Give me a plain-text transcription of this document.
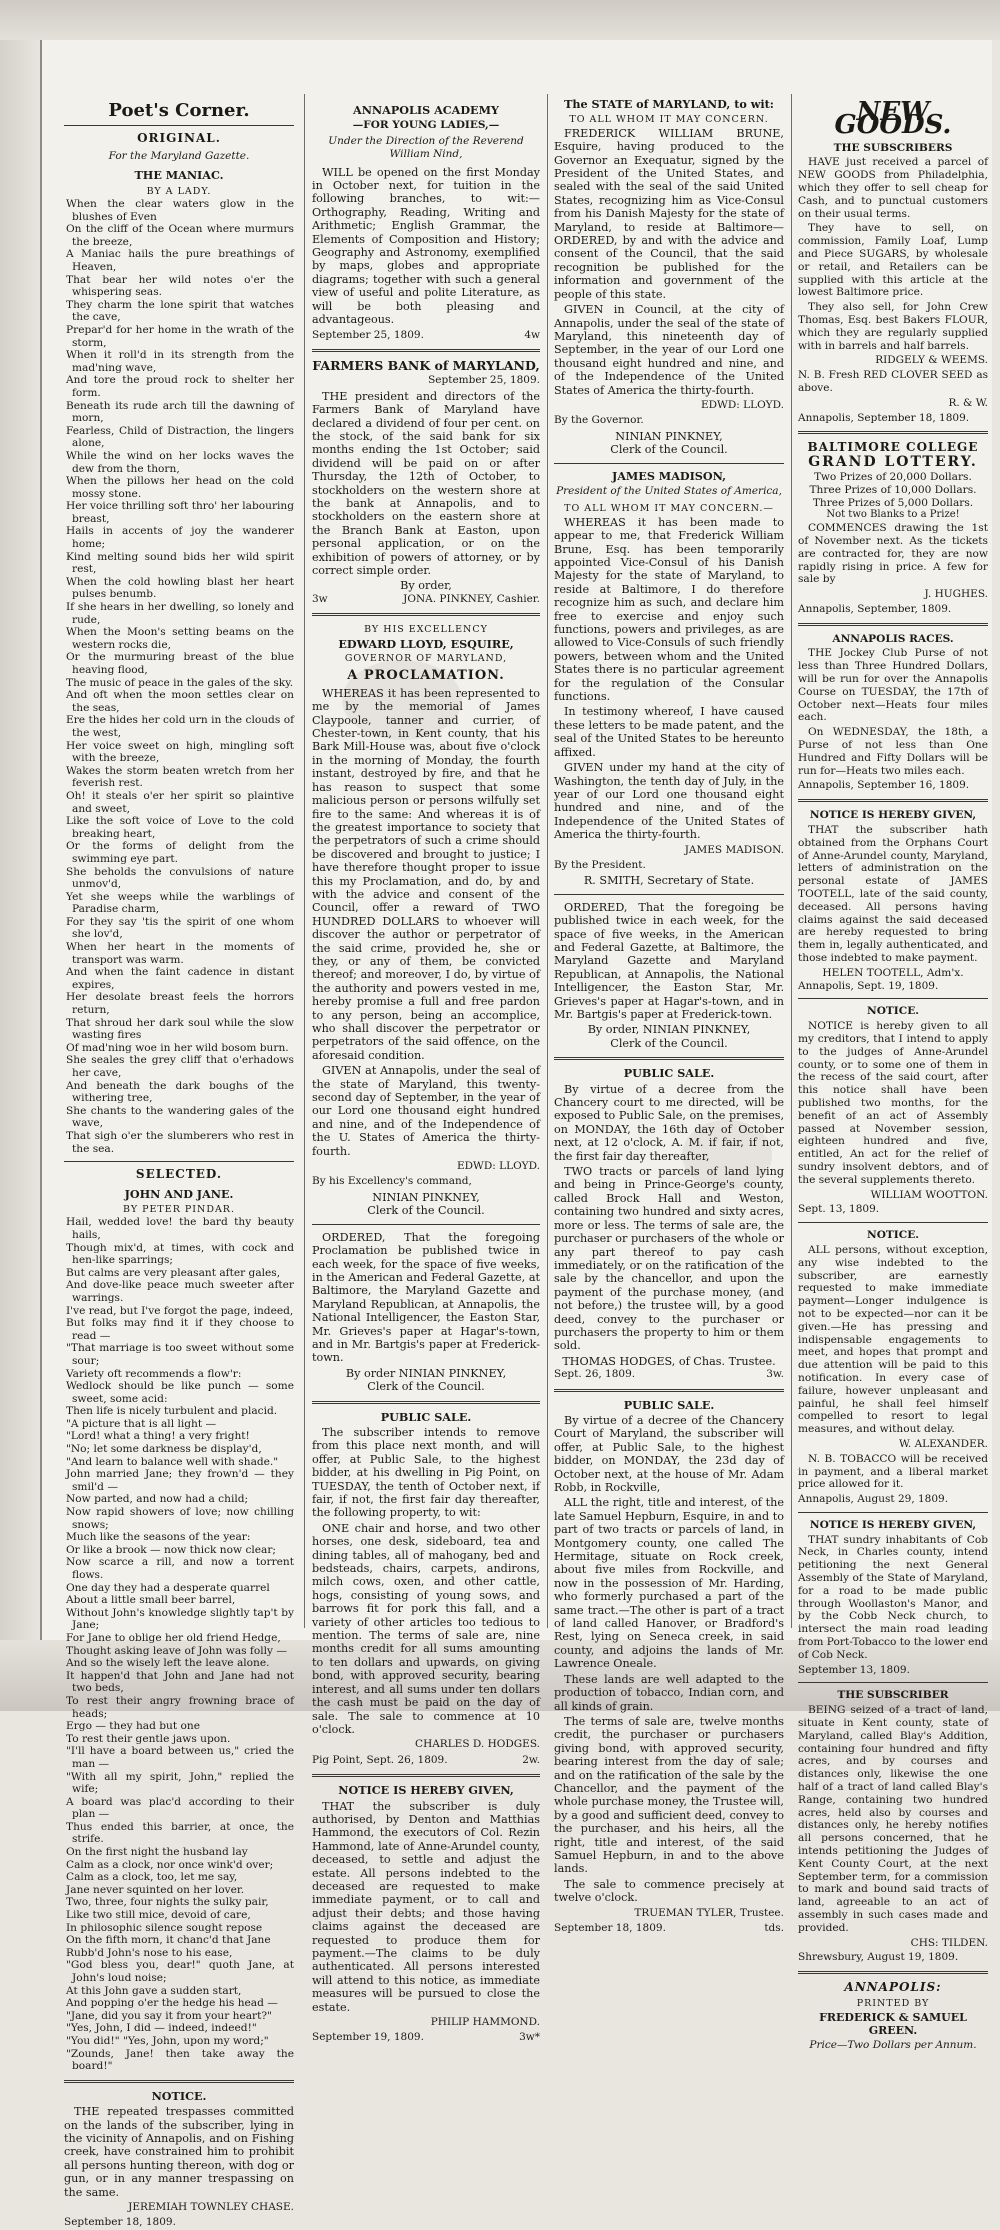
Poet's Corner.
ORIGINAL.
For the Maryland Gazette.
THE MANIAC.
BY A LADY.
When the clear waters glow in the blushes of Even
On the cliff of the Ocean where murmurs the breeze,
A Maniac hails the pure breathings of Heaven,
That bear her wild notes o'er the whispering seas.
They charm the lone spirit that watches the cave,
Prepar'd for her home in the wrath of the storm,
When it roll'd in its strength from the mad'ning wave,
And tore the proud rock to shelter her form.
Beneath its rude arch till the dawning of morn,
Fearless, Child of Distraction, the lingers alone,
While the wind on her locks waves the dew from the thorn,
When the pillows her head on the cold mossy stone.
Her voice thrilling soft thro' her labouring breast,
Hails in accents of joy the wanderer home;
Kind melting sound bids her wild spirit rest,
When the cold howling blast her heart pulses benumb.
If she hears in her dwelling, so lonely and rude,
When the Moon's setting beams on the western rocks die,
Or the murmuring breast of the blue heaving flood,
The music of peace in the gales of the sky.
And oft when the moon settles clear on the seas,
Ere the hides her cold urn in the clouds of the west,
Her voice sweet on high, mingling soft with the breeze,
Wakes the storm beaten wretch from her feverish rest.
Oh! it steals o'er her spirit so plaintive and sweet,
Like the soft voice of Love to the cold breaking heart,
Or the forms of delight from the swimming eye part.
She beholds the convulsions of nature unmov'd,
Yet she weeps while the warblings of Paradise charm,
For they say 'tis the spirit of one whom she lov'd,
When her heart in the moments of transport was warm.
And when the faint cadence in distant expires,
Her desolate breast feels the horrors return,
That shroud her dark soul while the slow wasting fires
Of mad'ning woe in her wild bosom burn.
She seales the grey cliff that o'erhadows her cave,
And beneath the dark boughs of the withering tree,
She chants to the wandering gales of the wave,
That sigh o'er the slumberers who rest in the sea.
SELECTED.
JOHN AND JANE.
BY PETER PINDAR.
Hail, wedded love! the bard thy beauty hails,
Though mix'd, at times, with cock and hen-like sparrings;
But calms are very pleasant after gales,
And dove-like peace much sweeter after warrings.
I've read, but I've forgot the page, indeed,
But folks may find it if they choose to read —
"That marriage is too sweet without some sour;
Variety oft recommends a flow'r:
Wedlock should be like punch — some sweet, some acid:
Then life is nicely turbulent and placid.
"A picture that is all light —
"Lord! what a thing! a very fright!
"No; let some darkness be display'd,
"And learn to balance well with shade."
John married Jane; they frown'd — they smil'd —
Now parted, and now had a child;
Now rapid showers of love; now chilling snows;
Much like the seasons of the year:
Or like a brook — now thick now clear;
Now scarce a rill, and now a torrent flows.
One day they had a desperate quarrel
About a little small beer barrel,
Without John's knowledge slightly tap't by Jane;
For Jane to oblige her old friend Hedge,
Thought asking leave of John was folly —
And so the wisely left the leave alone.
It happen'd that John and Jane had not two beds,
To rest their angry frowning brace of heads;
Ergo — they had but one
To rest their gentle jaws upon.
"I'll have a board between us," cried the man —
"With all my spirit, John," replied the wife;
A board was plac'd according to their plan —
Thus ended this barrier, at once, the strife.
On the first night the husband lay
Calm as a clock, nor once wink'd over;
Calm as a clock, too, let me say,
Jane never squinted on her lover.
Two, three, four nights the sulky pair,
Like two still mice, devoid of care,
In philosophic silence sought repose
On the fifth morn, it chanc'd that Jane
Rubb'd John's nose to his ease,
"God bless you, dear!" quoth Jane, at John's loud noise;
At this John gave a sudden start,
And popping o'er the hedge his head —
"Jane, did you say it from your heart?"
"Yes, John, I did — indeed, indeed!"
"You did!" "Yes, John, upon my word;"
"Zounds, Jane! then take away the board!"
NOTICE.

THE repeated trespasses committed on the lands of the subscriber, lying in the vicinity of Annapolis, and on Fishing creek, have constrained him to prohibit all persons hunting thereon, with dog or gun, or in any manner trespassing on the same.

JEREMIAH TOWNLEY CHASE.
September 18, 1809.
ANNAPOLIS ACADEMY
—FOR YOUNG LADIES,—
Under the Direction of the Reverend William Nind,

WILL be opened on the first Monday in October next, for tuition in the following branches, to wit:— Orthography, Reading, Writing and Arithmetic; English Grammar, the Elements of Composition and History; Geography and Astronomy, exemplified by maps, globes and appropriate diagrams; together with such a general view of useful and polite Literature, as will be both pleasing and advantageous.

September 25, 1809.	4w
FARMERS BANK of MARYLAND,
September 25, 1809.

THE president and directors of the Farmers Bank of Maryland have declared a dividend of four per cent. on the stock, of the said bank for six months ending the 1st October; said dividend will be paid on or after Thursday, the 12th of October, to stockholders on the western shore at the bank at Annapolis, and to stockholders on the eastern shore at the Branch Bank at Easton, upon personal application, or on the exhibition of powers of attorney, or by correct simple order.

By order,
3w	JONA. PINKNEY, Cashier.
BY HIS EXCELLENCY
EDWARD LLOYD, ESQUIRE,
GOVERNOR OF MARYLAND,
A PROCLAMATION.

WHEREAS it has been represented to me by the memorial of James Claypoole, tanner and currier, of Chester-town, in Kent county, that his Bark Mill-House was, about five o'clock in the morning of Monday, the fourth instant, destroyed by fire, and that he has reason to suspect that some malicious person or persons wilfully set fire to the same: And whereas it is of the greatest importance to society that the perpetrators of such a crime should be discovered and brought to justice; I have therefore thought proper to issue this my Proclamation, and do, by and with the advice and consent of the Council, offer a reward of TWO HUNDRED DOLLARS to whoever will discover the author or perpetrator of the said crime, provided he, she or they, or any of them, be convicted thereof; and moreover, I do, by virtue of the authority and powers vested in me, hereby promise a full and free pardon to any person, being an accomplice, who shall discover the perpetrator or perpetrators of the said offence, on the aforesaid condition.

GIVEN at Annapolis, under the seal of the state of Maryland, this twenty-second day of September, in the year of our Lord one thousand eight hundred and nine, and of the Independence of the U. States of America the thirty-fourth.

EDWD: LLOYD.
By his Excellency's command,
NINIAN PINKNEY,
Clerk of the Council.

ORDERED, That the foregoing Proclamation be published twice in each week, for the space of five weeks, in the American and Federal Gazette, at Baltimore, the Maryland Gazette and Maryland Republican, at Annapolis, the National Intelligencer, the Easton Star, Mr. Grieves's paper at Hagar's-town, and in Mr. Bartgis's paper at Frederick-town.

By order NINIAN PINKNEY,
Clerk of the Council.
PUBLIC SALE.

The subscriber intends to remove from this place next month, and will offer, at Public Sale, to the highest bidder, at his dwelling in Pig Point, on TUESDAY, the tenth of October next, if fair, if not, the first fair day thereafter, the following property, to wit:

ONE chair and horse, and two other horses, one desk, sideboard, tea and dining tables, all of mahogany, bed and bedsteads, chairs, carpets, andirons, milch cows, oxen, and other cattle, hogs, consisting of young sows, and barrows fit for pork this fall, and a variety of other articles too tedious to mention. The terms of sale are, nine months credit for all sums amounting to ten dollars and upwards, on giving bond, with approved security, bearing interest, and all sums under ten dollars the cash must be paid on the day of sale. The sale to commence at 10 o'clock.

CHARLES D. HODGES.
Pig Point, Sept. 26, 1809.	2w.
NOTICE IS HEREBY GIVEN,

THAT the subscriber is duly authorised, by Denton and Matthias Hammond, the executors of Col. Rezin Hammond, late of Anne-Arundel county, deceased, to settle and adjust the estate. All persons indebted to the deceased are requested to make immediate payment, or to call and adjust their debts; and those having claims against the deceased are requested to produce them for payment.—The claims to be duly authenticated. All persons interested will attend to this notice, as immediate measures will be pursued to close the estate.

PHILIP HAMMOND.
September 19, 1809.	3w*
The STATE of MARYLAND, to wit:
TO ALL WHOM IT MAY CONCERN.

FREDERICK WILLIAM BRUNE, Esquire, having produced to the Governor an Exequatur, signed by the President of the United States, and sealed with the seal of the said United States, recognizing him as Vice-Consul from his Danish Majesty for the state of Maryland, to reside at Baltimore— ORDERED, by and with the advice and consent of the Council, that the said recognition be published for the information and government of the people of this state.

GIVEN in Council, at the city of Annapolis, under the seal of the state of Maryland, this nineteenth day of September, in the year of our Lord one thousand eight hundred and nine, and of the Independence of the United States of America the thirty-fourth.

EDWD: LLOYD.
By the Governor.
NINIAN PINKNEY,
Clerk of the Council.
JAMES MADISON,
President of the United States of America,
TO ALL WHOM IT MAY CONCERN.—

WHEREAS it has been made to appear to me, that Frederick William Brune, Esq. has been temporarily appointed Vice-Consul of his Danish Majesty for the state of Maryland, to reside at Baltimore, I do therefore recognize him as such, and declare him free to exercise and enjoy such functions, powers and privileges, as are allowed to Vice-Consuls of such friendly powers, between whom and the United States there is no particular agreement for the regulation of the Consular functions.

In testimony whereof, I have caused these letters to be made patent, and the seal of the United States to be hereunto affixed.

GIVEN under my hand at the city of Washington, the tenth day of July, in the year of our Lord one thousand eight hundred and nine, and of the Independence of the United States of America the thirty-fourth.

JAMES MADISON.
By the President.
R. SMITH, Secretary of State.

ORDERED, That the foregoing be published twice in each week, for the space of five weeks, in the American and Federal Gazette, at Baltimore, the Maryland Gazette and Maryland Republican, at Annapolis, the National Intelligencer, the Easton Star, Mr. Grieves's paper at Hagar's-town, and in Mr. Bartgis's paper at Frederick-town.

By order, NINIAN PINKNEY,
Clerk of the Council.
PUBLIC SALE.

By virtue of a decree from the Chancery court to me directed, will be exposed to Public Sale, on the premises, on MONDAY, the 16th day of October next, at 12 o'clock, A. M. if fair, if not, the first fair day thereafter,

TWO tracts or parcels of land lying and being in Prince-George's county, called Brock Hall and Weston, containing two hundred and sixty acres, more or less. The terms of sale are, the purchaser or purchasers of the whole or any part thereof to pay cash immediately, or on the ratification of the sale by the chancellor, and upon the payment of the purchase money, (and not before,) the trustee will, by a good deed, convey to the purchaser or purchasers the property to him or them sold.

THOMAS HODGES, of Chas. Trustee.
Sept. 26, 1809.	3w.
PUBLIC SALE.

By virtue of a decree of the Chancery Court of Maryland, the subscriber will offer, at Public Sale, to the highest bidder, on MONDAY, the 23d day of October next, at the house of Mr. Adam Robb, in Rockville,

ALL the right, title and interest, of the late Samuel Hepburn, Esquire, in and to part of two tracts or parcels of land, in Montgomery county, one called The Hermitage, situate on Rock creek, about five miles from Rockville, and now in the possession of Mr. Harding, who formerly purchased a part of the same tract.—The other is part of a tract of land called Hanover, or Bradford's Rest, lying on Seneca creek, in said county, and adjoins the lands of Mr. Lawrence Oneale.

These lands are well adapted to the production of tobacco, Indian corn, and all kinds of grain.

The terms of sale are, twelve months credit, the purchaser or purchasers giving bond, with approved security, bearing interest from the day of sale; and on the ratification of the sale by the Chancellor, and the payment of the whole purchase money, the Trustee will, by a good and sufficient deed, convey to the purchaser, and his heirs, all the right, title and interest, of the said Samuel Hepburn, in and to the above lands.

The sale to commence precisely at twelve o'clock.

TRUEMAN TYLER, Trustee.
September 18, 1809.	tds.
NEW GOODS.
THE SUBSCRIBERS

HAVE just received a parcel of NEW GOODS from Philadelphia, which they offer to sell cheap for Cash, and to punctual customers on their usual terms.

They have to sell, on commission, Family Loaf, Lump and Piece SUGARS, by wholesale or retail, and Retailers can be supplied with this article at the lowest Baltimore price.

They also sell, for John Crew Thomas, Esq. best Bakers FLOUR, which they are regularly supplied with in barrels and half barrels.

RIDGELY & WEEMS.
N. B. Fresh RED CLOVER SEED as above.
R. & W.
Annapolis, September 18, 1809.
BALTIMORE COLLEGE
GRAND LOTTERY.
Two Prizes of 20,000 Dollars.
Three Prizes of 10,000 Dollars.
Three Prizes of 5,000 Dollars.
Not two Blanks to a Prize!

COMMENCES drawing the 1st of November next. As the tickets are contracted for, they are now rapidly rising in price. A few for sale by

J. HUGHES.
Annapolis, September, 1809.
ANNAPOLIS RACES.

THE Jockey Club Purse of not less than Three Hundred Dollars, will be run for over the Annapolis Course on TUESDAY, the 17th of October next—Heats four miles each.

On WEDNESDAY, the 18th, a Purse of not less than One Hundred and Fifty Dollars will be run for—Heats two miles each.

Annapolis, September 16, 1809.
NOTICE IS HEREBY GIVEN,

THAT the subscriber hath obtained from the Orphans Court of Anne-Arundel county, Maryland, letters of administration on the personal estate of JAMES TOOTELL, late of the said county, deceased. All persons having claims against the said deceased are hereby requested to bring them in, legally authenticated, and those indebted to make payment.

HELEN TOOTELL, Adm'x.
Annapolis, Sept. 19, 1809.
NOTICE.

NOTICE is hereby given to all my creditors, that I intend to apply to the judges of Anne-Arundel county, or to some one of them in the recess of the said court, after this notice shall have been published two months, for the benefit of an act of Assembly passed at November session, eighteen hundred and five, entitled, An act for the relief of sundry insolvent debtors, and of the several supplements thereto.

WILLIAM WOOTTON.
Sept. 13, 1809.
NOTICE.

ALL persons, without exception, any wise indebted to the subscriber, are earnestly requested to make immediate payment—Longer indulgence is not to be expected—nor can it be given.—He has pressing and indispensable engagements to meet, and hopes that prompt and due attention will be paid to this notification. In every case of failure, however unpleasant and painful, he shall feel himself compelled to resort to legal measures, and without delay.

W. ALEXANDER.

N. B. TOBACCO will be received in payment, and a liberal market price allowed for it.

Annapolis, August 29, 1809.
NOTICE IS HEREBY GIVEN,

THAT sundry inhabitants of Cob Neck, in Charles county, intend petitioning the next General Assembly of the State of Maryland, for a road to be made public through Woollaston's Manor, and by the Cobb Neck church, to intersect the main road leading from Port-Tobacco to the lower end of Cob Neck.

September 13, 1809.
THE SUBSCRIBER

BEING seized of a tract of land, situate in Kent county, state of Maryland, called Blay's Addition, containing four hundred and fifty acres, and by courses and distances only, likewise the one half of a tract of land called Blay's Range, containing two hundred acres, held also by courses and distances only, he hereby notifies all persons concerned, that he intends petitioning the Judges of Kent County Court, at the next September term, for a commission to mark and bound said tracts of land, agreeable to an act of assembly in such cases made and provided.

CHS: TILDEN.
Shrewsbury, August 19, 1809.
ANNAPOLIS:
PRINTED BY
FREDERICK & SAMUEL GREEN.
Price—Two Dollars per Annum.
